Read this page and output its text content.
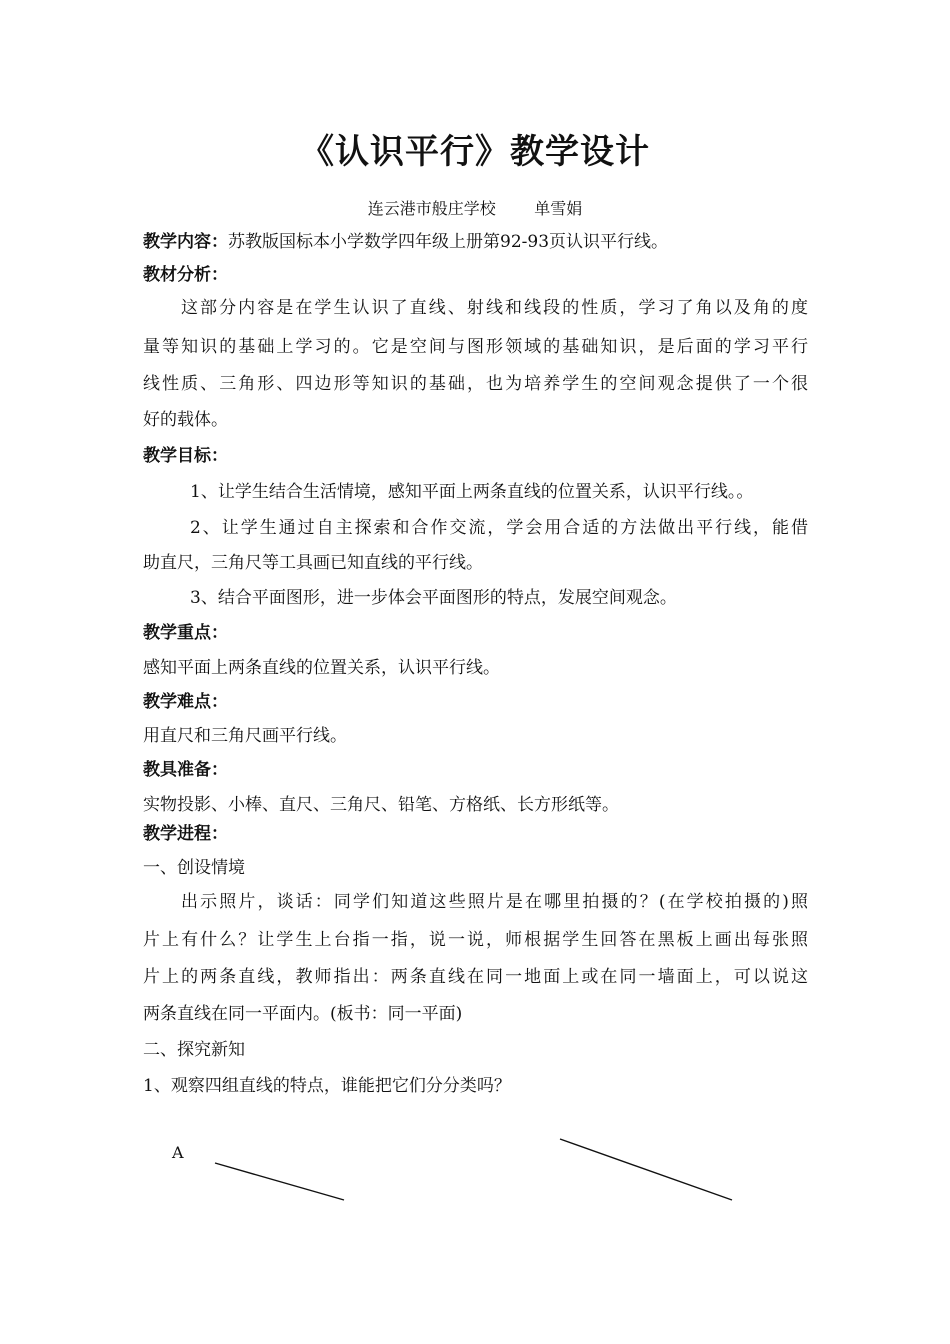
《认识平行》教学设计
连云港市般庄学校    单雪娟
教学内容：苏教版国标本小学数学四年级上册第92-93页认识平行线。
教材分析：
这部分内容是在学生认识了直线、射线和线段的性质，学习了角以及角的度
量等知识的基础上学习的。它是空间与图形领域的基础知识，是后面的学习平行
线性质、三角形、四边形等知识的基础，也为培养学生的空间观念提供了一个很
好的载体。
教学目标：
1、让学生结合生活情境，感知平面上两条直线的位置关系，认识平行线。。
2、让学生通过自主探索和合作交流，学会用合适的方法做出平行线，能借
助直尺，三角尺等工具画已知直线的平行线。
3、结合平面图形，进一步体会平面图形的特点，发展空间观念。
教学重点：
感知平面上两条直线的位置关系，认识平行线。
教学难点：
用直尺和三角尺画平行线。
教具准备：
实物投影、小棒、直尺、三角尺、铅笔、方格纸、长方形纸等。
教学进程：
一、创设情境
出示照片，谈话：同学们知道这些照片是在哪里拍摄的？(在学校拍摄的)照
片上有什么？让学生上台指一指，说一说，师根据学生回答在黑板上画出每张照
片上的两条直线，教师指出：两条直线在同一地面上或在同一墙面上，可以说这
两条直线在同一平面内。(板书：同一平面)
二、探究新知
1、观察四组直线的特点，谁能把它们分分类吗？
A
